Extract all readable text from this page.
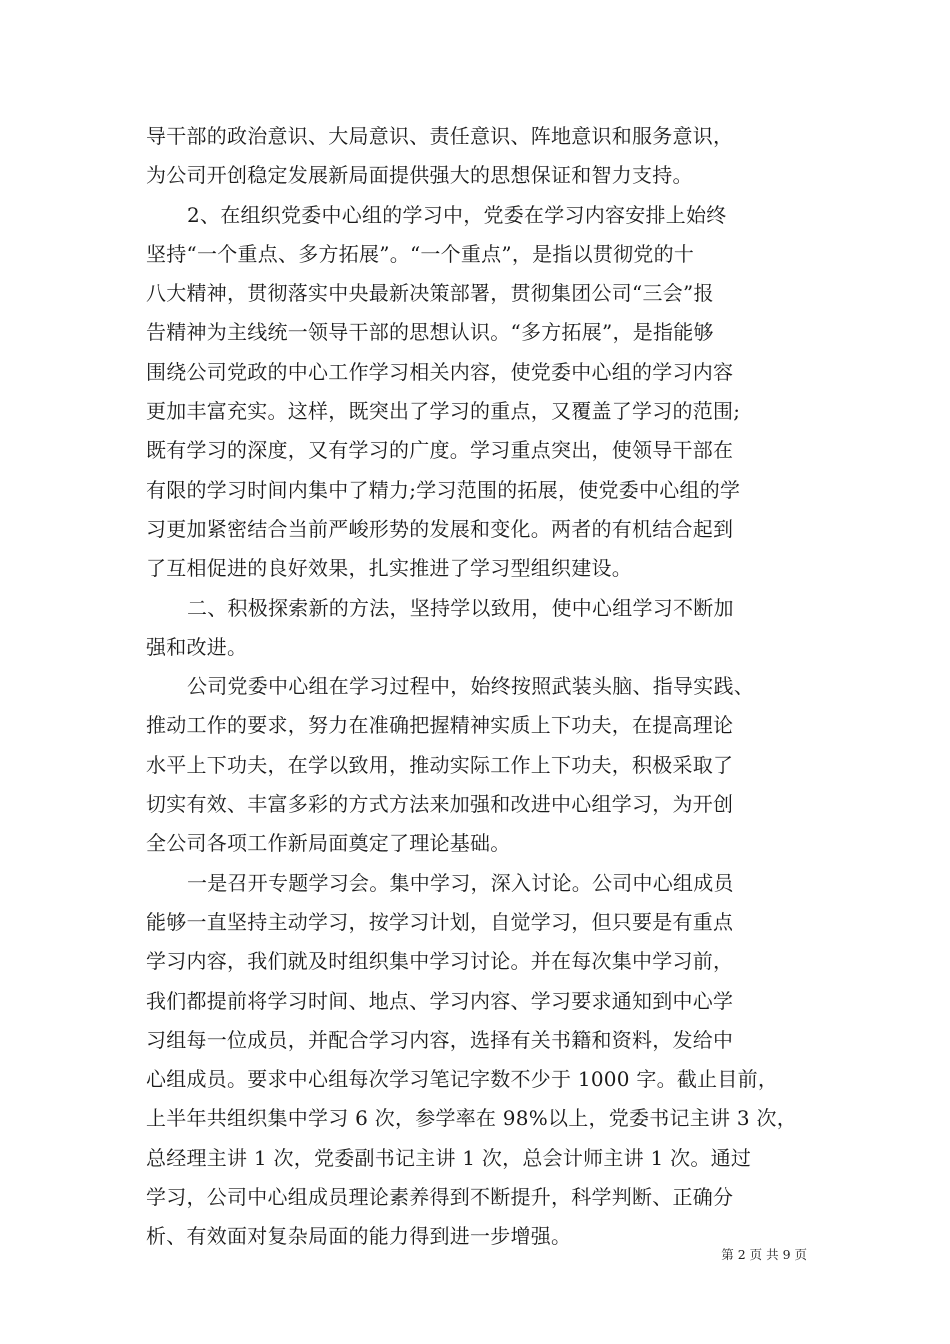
导干部的政治意识、大局意识、责任意识、阵地意识和服务意识，
为公司开创稳定发展新局面提供强大的思想保证和智力支持。
2、在组织党委中心组的学习中，党委在学习内容安排上始终
坚持“一个重点、多方拓展”。“一个重点”，是指以贯彻党的十
八大精神，贯彻落实中央最新决策部署，贯彻集团公司“三会”报
告精神为主线统一领导干部的思想认识。“多方拓展”，是指能够
围绕公司党政的中心工作学习相关内容，使党委中心组的学习内容
更加丰富充实。这样，既突出了学习的重点，又覆盖了学习的范围;
既有学习的深度，又有学习的广度。学习重点突出，使领导干部在
有限的学习时间内集中了精力;学习范围的拓展，使党委中心组的学
习更加紧密结合当前严峻形势的发展和变化。两者的有机结合起到
了互相促进的良好效果，扎实推进了学习型组织建设。
二、积极探索新的方法，坚持学以致用，使中心组学习不断加
强和改进。
公司党委中心组在学习过程中，始终按照武装头脑、指导实践、
推动工作的要求，努力在准确把握精神实质上下功夫，在提高理论
水平上下功夫，在学以致用，推动实际工作上下功夫，积极采取了
切实有效、丰富多彩的方式方法来加强和改进中心组学习，为开创
全公司各项工作新局面奠定了理论基础。
一是召开专题学习会。集中学习，深入讨论。公司中心组成员
能够一直坚持主动学习，按学习计划，自觉学习，但只要是有重点
学习内容，我们就及时组织集中学习讨论。并在每次集中学习前，
我们都提前将学习时间、地点、学习内容、学习要求通知到中心学
习组每一位成员，并配合学习内容，选择有关书籍和资料，发给中
心组成员。要求中心组每次学习笔记字数不少于 1000 字。截止目前，
上半年共组织集中学习 6 次，参学率在 98%以上，党委书记主讲 3 次，
总经理主讲 1 次，党委副书记主讲 1 次，总会计师主讲 1 次。通过
学习，公司中心组成员理论素养得到不断提升，科学判断、正确分
析、有效面对复杂局面的能力得到进一步增强。
第 2 页 共 9 页
